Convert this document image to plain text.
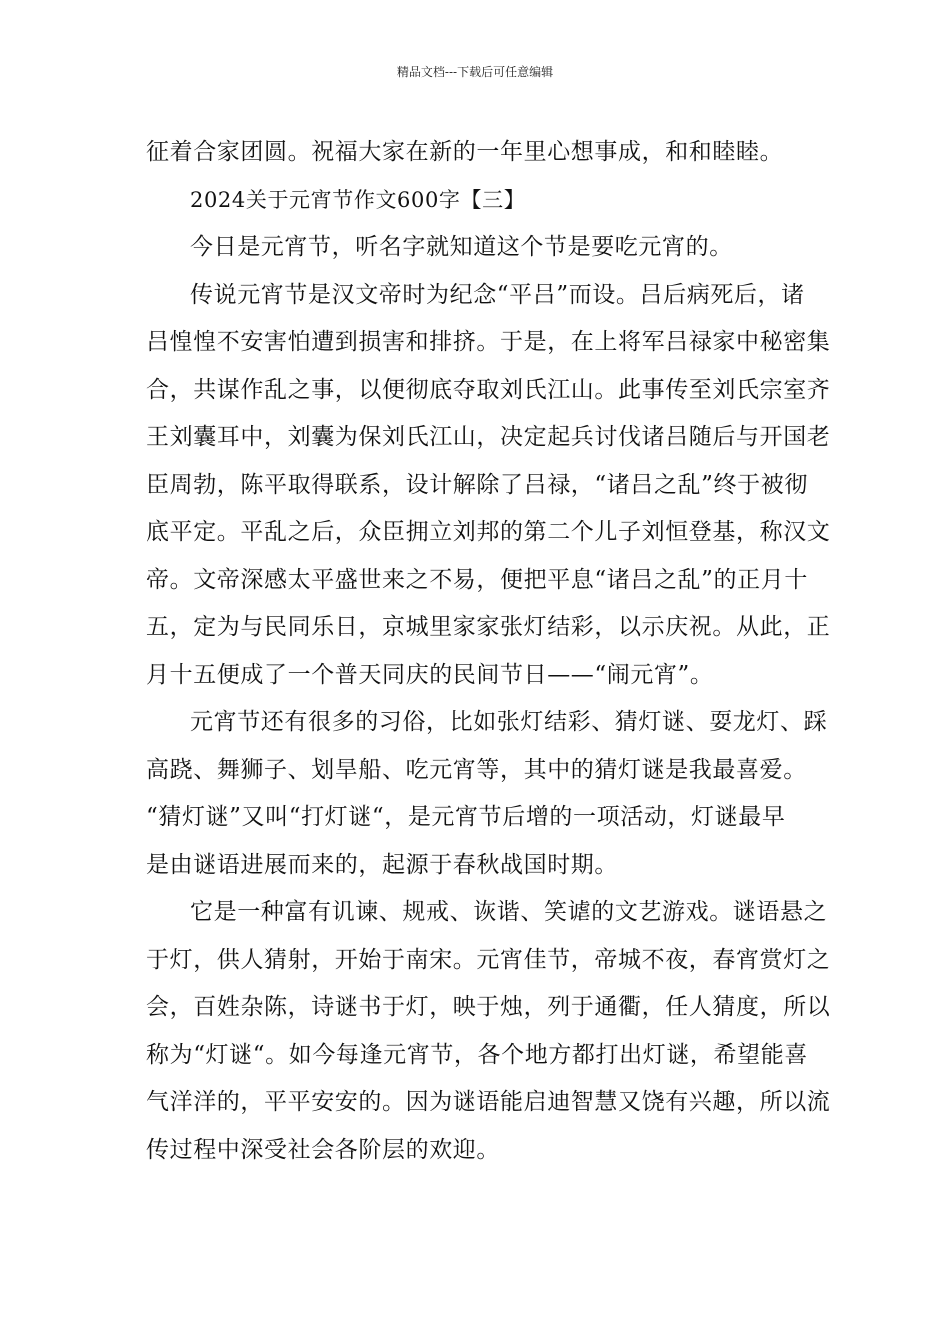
精品文档---下载后可任意编辑
征着合家团圆。祝福大家在新的一年里心想事成，和和睦睦。
2024关于元宵节作文600字【三】
今日是元宵节，听名字就知道这个节是要吃元宵的。
传说元宵节是汉文帝时为纪念“平吕”而设。吕后病死后，诸
吕惶惶不安害怕遭到损害和排挤。于是，在上将军吕禄家中秘密集
合，共谋作乱之事，以便彻底夺取刘氏江山。此事传至刘氏宗室齐
王刘囊耳中，刘囊为保刘氏江山，决定起兵讨伐诸吕随后与开国老
臣周勃，陈平取得联系，设计解除了吕禄，“诸吕之乱”终于被彻
底平定。平乱之后，众臣拥立刘邦的第二个儿子刘恒登基，称汉文
帝。文帝深感太平盛世来之不易，便把平息“诸吕之乱”的正月十
五，定为与民同乐日，京城里家家张灯结彩，以示庆祝。从此，正
月十五便成了一个普天同庆的民间节日——“闹元宵”。
元宵节还有很多的习俗，比如张灯结彩、猜灯谜、耍龙灯、踩
高跷、舞狮子、划旱船、吃元宵等，其中的猜灯谜是我最喜爱。
“猜灯谜”又叫“打灯谜“，是元宵节后增的一项活动，灯谜最早
是由谜语进展而来的，起源于春秋战国时期。
它是一种富有讥谏、规戒、诙谐、笑谑的文艺游戏。谜语悬之
于灯，供人猜射，开始于南宋。元宵佳节，帝城不夜，春宵赏灯之
会，百姓杂陈，诗谜书于灯，映于烛，列于通衢，任人猜度，所以
称为“灯谜“。如今每逢元宵节，各个地方都打出灯谜，希望能喜
气洋洋的，平平安安的。因为谜语能启迪智慧又饶有兴趣，所以流
传过程中深受社会各阶层的欢迎。
